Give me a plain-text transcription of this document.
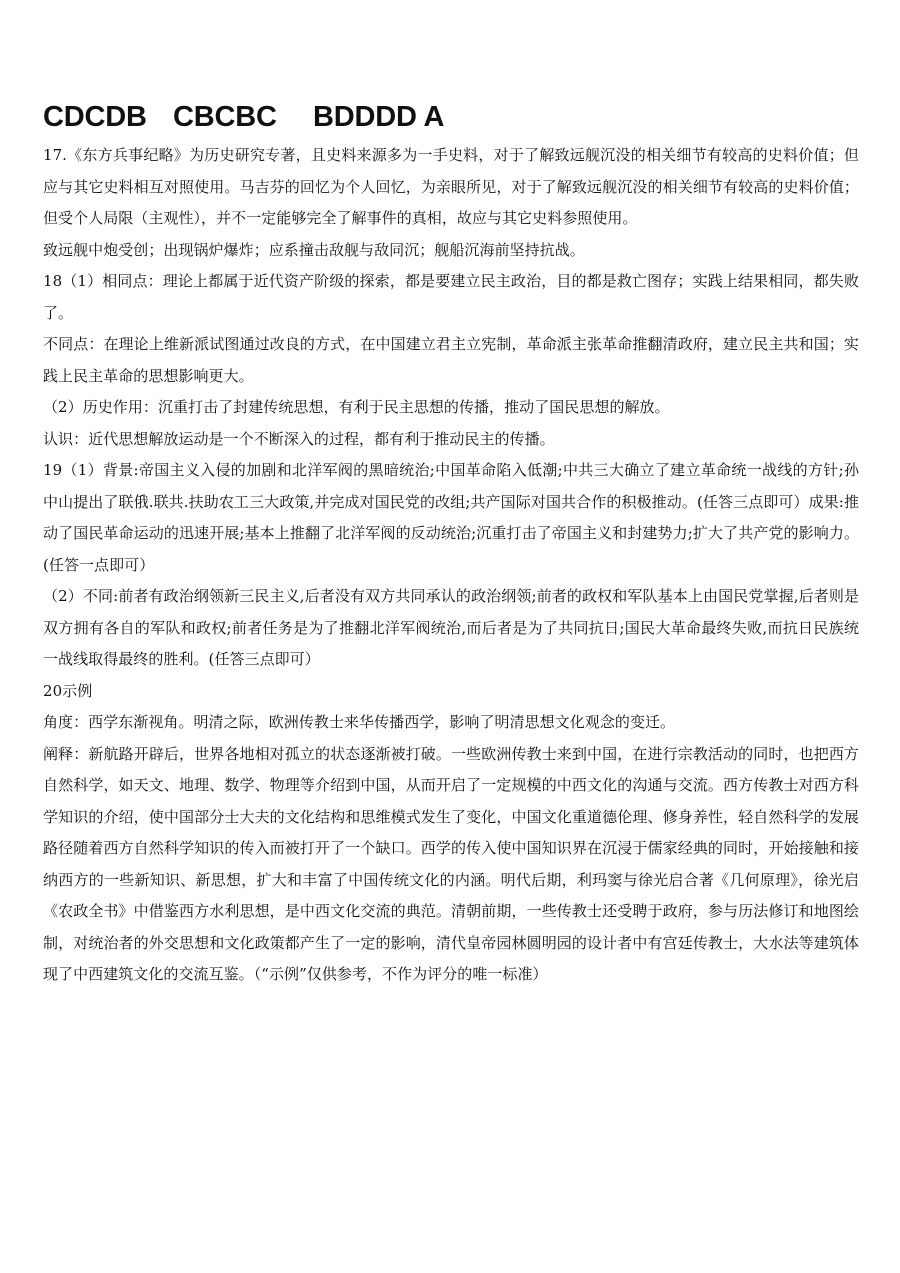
CDCDB CBCBC BDDDD A

17.《东方兵事纪略》为历史研究专著，且史料来源多为一手史料，对于了解致远舰沉没的相关细节有较高的史料价值；但应与其它史料相互对照使用。马吉芬的回忆为个人回忆，为亲眼所见，对于了解致远舰沉没的相关细节有较高的史料价值；但受个人局限（主观性），并不一定能够完全了解事件的真相，故应与其它史料参照使用。

致远舰中炮受创；出现锅炉爆炸；应系撞击敌舰与敌同沉；舰船沉海前坚持抗战。

18（1）相同点：理论上都属于近代资产阶级的探索，都是要建立民主政治，目的都是救亡图存；实践上结果相同，都失败了。

不同点：在理论上维新派试图通过改良的方式，在中国建立君主立宪制，革命派主张革命推翻清政府，建立民主共和国；实践上民主革命的思想影响更大。

（2）历史作用：沉重打击了封建传统思想，有利于民主思想的传播，推动了国民思想的解放。

认识：近代思想解放运动是一个不断深入的过程，都有利于推动民主的传播。

19（1）背景:帝国主义入侵的加剧和北洋军阀的黑暗统治;中国革命陷入低潮;中共三大确立了建立革命统一战线的方针;孙中山提出了联俄.联共.扶助农工三大政策,并完成对国民党的改组;共产国际对国共合作的积极推动。(任答三点即可）成果:推动了国民革命运动的迅速开展;基本上推翻了北洋军阀的反动统治;沉重打击了帝国主义和封建势力;扩大了共产党的影响力。(任答一点即可）

（2）不同:前者有政治纲领新三民主义,后者没有双方共同承认的政治纲领;前者的政权和军队基本上由国民党掌握,后者则是双方拥有各自的军队和政权;前者任务是为了推翻北洋军阀统治,而后者是为了共同抗日;国民大革命最终失败,而抗日民族统一战线取得最终的胜利。(任答三点即可）

20示例

角度：西学东渐视角。明清之际，欧洲传教士来华传播西学，影响了明清思想文化观念的变迁。

阐释：新航路开辟后，世界各地相对孤立的状态逐渐被打破。一些欧洲传教士来到中国，在进行宗教活动的同时，也把西方自然科学，如天文、地理、数学、物理等介绍到中国，从而开启了一定规模的中西文化的沟通与交流。西方传教士对西方科学知识的介绍，使中国部分士大夫的文化结构和思维模式发生了变化，中国文化重道德伦理、修身养性，轻自然科学的发展路径随着西方自然科学知识的传入而被打开了一个缺口。西学的传入使中国知识界在沉浸于儒家经典的同时，开始接触和接纳西方的一些新知识、新思想，扩大和丰富了中国传统文化的内涵。明代后期，利玛窦与徐光启合著《几何原理》，徐光启《农政全书》中借鉴西方水利思想，是中西文化交流的典范。清朝前期，一些传教士还受聘于政府，参与历法修订和地图绘制，对统治者的外交思想和文化政策都产生了一定的影响，清代皇帝园林圆明园的设计者中有宫廷传教士，大水法等建筑体现了中西建筑文化的交流互鉴。（“示例”仅供参考，不作为评分的唯一标准）
